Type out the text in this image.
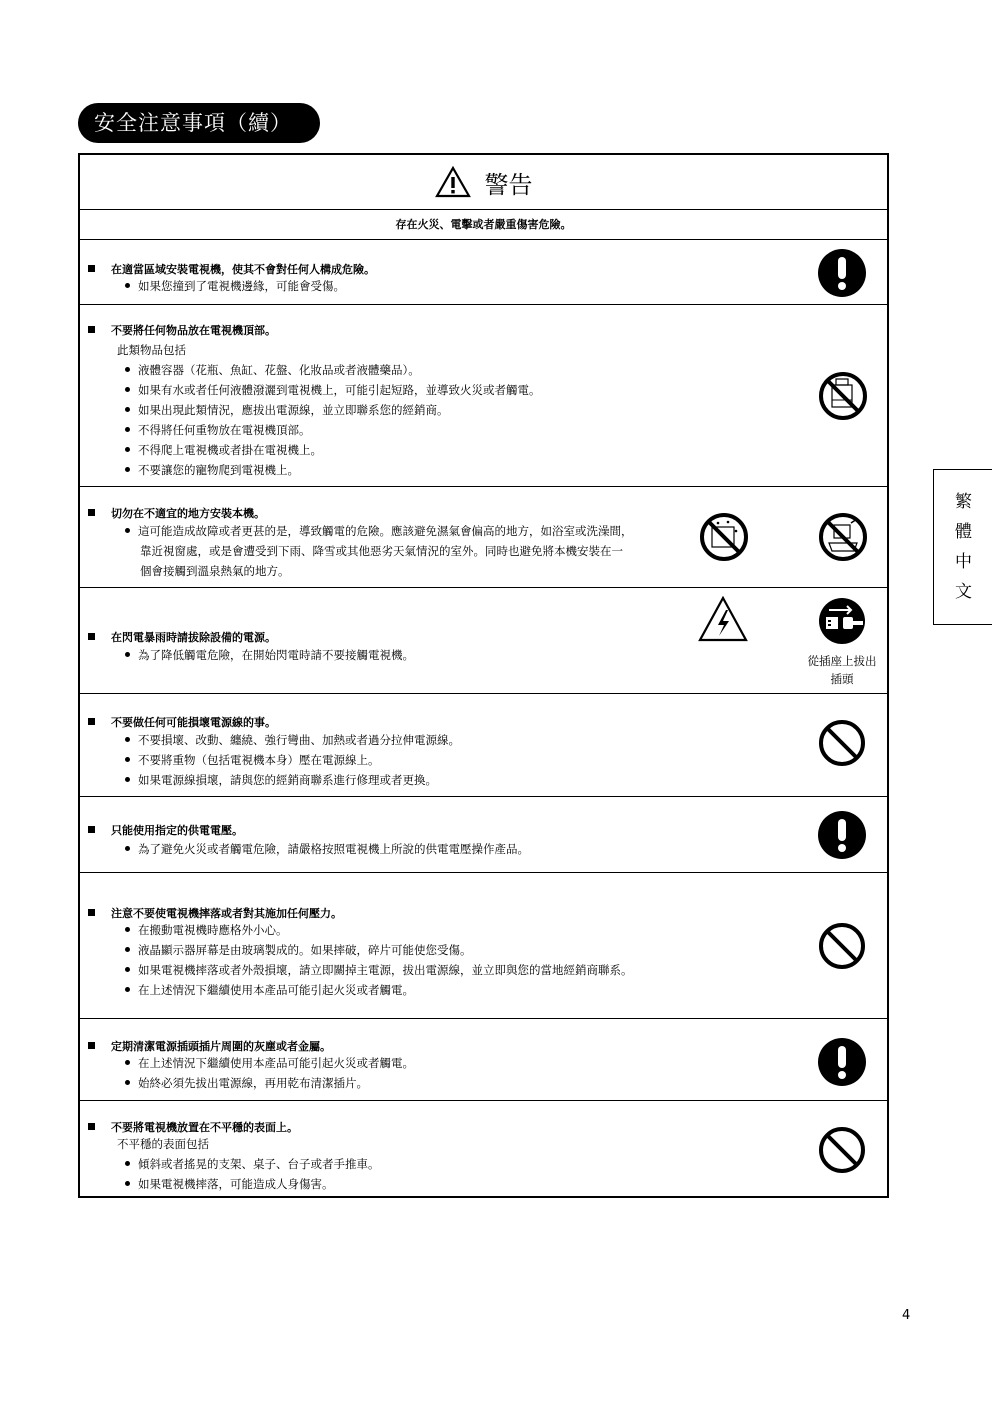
安全注意事項（續）
繁
體
中
文
警告
存在火災、電擊或者嚴重傷害危險。
在適當區域安裝電視機，使其不會對任何人構成危險。
如果您撞到了電視機邊緣，可能會受傷。
不要將任何物品放在電視機頂部。
此類物品包括
液體容器（花瓶、魚缸、花盤、化妝品或者液體藥品）。
如果有水或者任何液體潑灑到電視機上，可能引起短路，並導致火災或者觸電。
如果出現此類情況，應拔出電源線，並立即聯系您的經銷商。
不得將任何重物放在電視機頂部。
不得爬上電視機或者掛在電視機上。
不要讓您的寵物爬到電視機上。
切勿在不適宜的地方安裝本機。
這可能造成故障或者更甚的是，導致觸電的危險。應該避免濕氣會偏高的地方，如浴室或洗澡間，
靠近視窗處，或是會遭受到下雨、降雪或其他惡劣天氣情況的室外。同時也避免將本機安裝在一
個會接觸到溫泉熱氣的地方。
在閃電暴雨時請拔除設備的電源。
為了降低觸電危險，在開始閃電時請不要接觸電視機。	從插座上拔出
插頭
不要做任何可能損壞電源線的事。
不要損壞、改動、纏繞、強行彎曲、加熱或者過分拉伸電源線。
不要將重物（包括電視機本身）壓在電源線上。
如果電源線損壞，請與您的經銷商聯系進行修理或者更換。
只能使用指定的供電電壓。
為了避免火災或者觸電危險，請嚴格按照電視機上所說的供電電壓操作產品。
注意不要使電視機摔落或者對其施加任何壓力。
在搬動電視機時應格外小心。
液晶顯示器屏幕是由玻璃製成的。如果摔破，碎片可能使您受傷。
如果電視機摔落或者外殼損壞，請立即關掉主電源，拔出電源線，並立即與您的當地經銷商聯系。
在上述情況下繼續使用本產品可能引起火災或者觸電。
定期清潔電源插頭插片周圍的灰塵或者金屬。
在上述情況下繼續使用本產品可能引起火災或者觸電。
始終必須先拔出電源線，再用乾布清潔插片。
不要將電視機放置在不平穩的表面上。
不平穩的表面包括
傾斜或者搖晃的支架、桌子、台子或者手推車。
如果電視機摔落，可能造成人身傷害。
4
